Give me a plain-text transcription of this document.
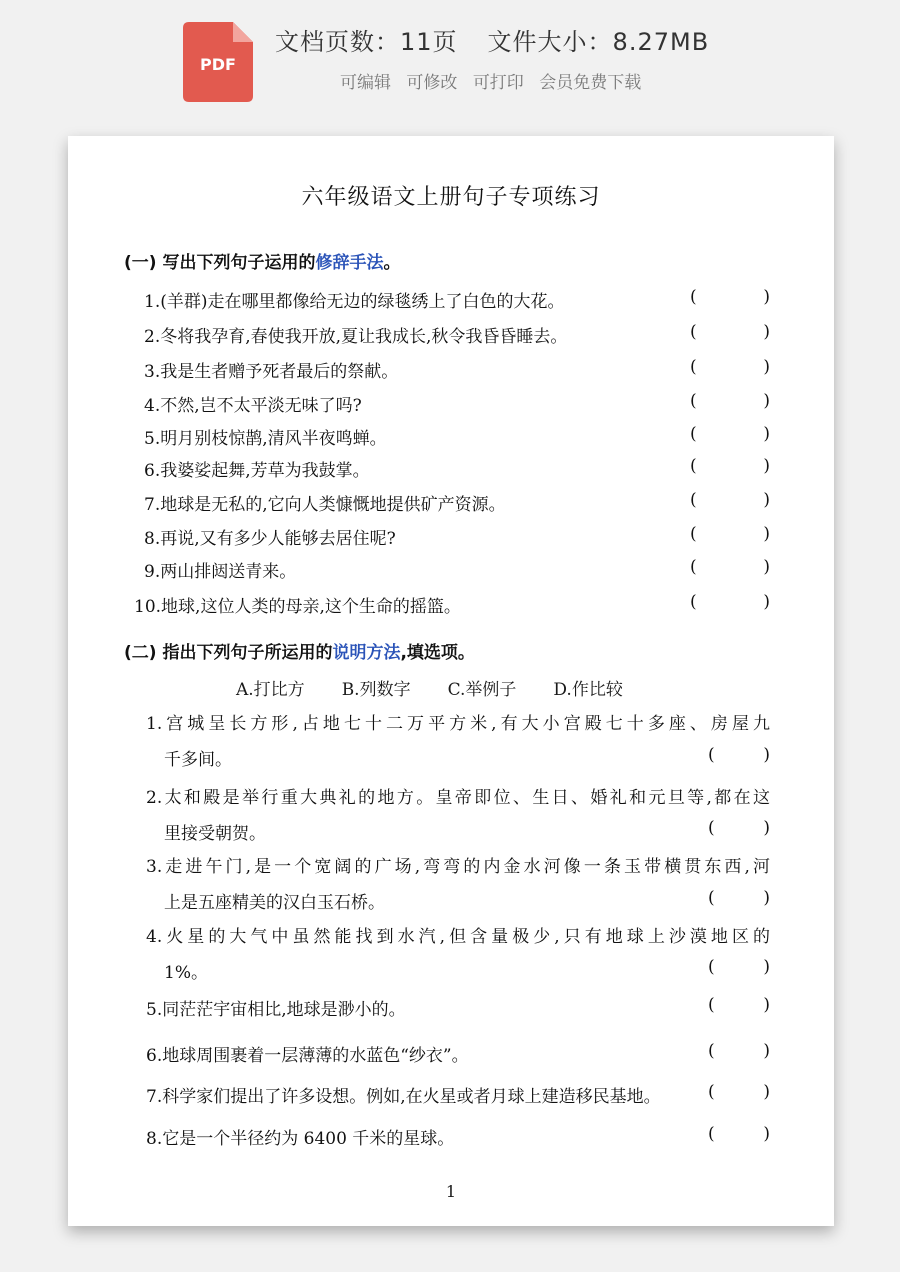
PDF
文档页数：11页 文件大小：8.27MB
可编辑 可修改 可打印 会员免费下载
六年级语文上册句子专项练习
(一) 写出下列句子运用的修辞手法。
1.(羊群)走在哪里都像给无边的绿毯绣上了白色的大花。	(	)
2.冬将我孕育,春使我开放,夏让我成长,秋令我昏昏睡去。	(	)
3.我是生者赠予死者最后的祭献。	(	)
4.不然,岂不太平淡无味了吗?	(	)
5.明月别枝惊鹊,清风半夜鸣蝉。	(	)
6.我婆娑起舞,芳草为我鼓掌。	(	)
7.地球是无私的,它向人类慷慨地提供矿产资源。	(	)
8.再说,又有多少人能够去居住呢?	(	)
9.两山排闼送青来。	(	)
10.地球,这位人类的母亲,这个生命的摇篮。	(	)
(二) 指出下列句子所运用的说明方法,填选项。
A.打比方 B.列数字 C.举例子 D.作比较
1.宫城呈长方形,占地七十二万平方米,有大小宫殿七十多座、房屋九
千多间。	(	)
2.太和殿是举行重大典礼的地方。皇帝即位、生日、婚礼和元旦等,都在这
里接受朝贺。	(	)
3.走进午门,是一个宽阔的广场,弯弯的内金水河像一条玉带横贯东西,河
上是五座精美的汉白玉石桥。	(	)
4.火星的大气中虽然能找到水汽,但含量极少,只有地球上沙漠地区的
1%。	(	)
5.同茫茫宇宙相比,地球是渺小的。	(	)
6.地球周围裹着一层薄薄的水蓝色“纱衣”。	(	)
7.科学家们提出了许多设想。例如,在火星或者月球上建造移民基地。	(	)
8.它是一个半径约为 6400 千米的星球。	(	)
1
